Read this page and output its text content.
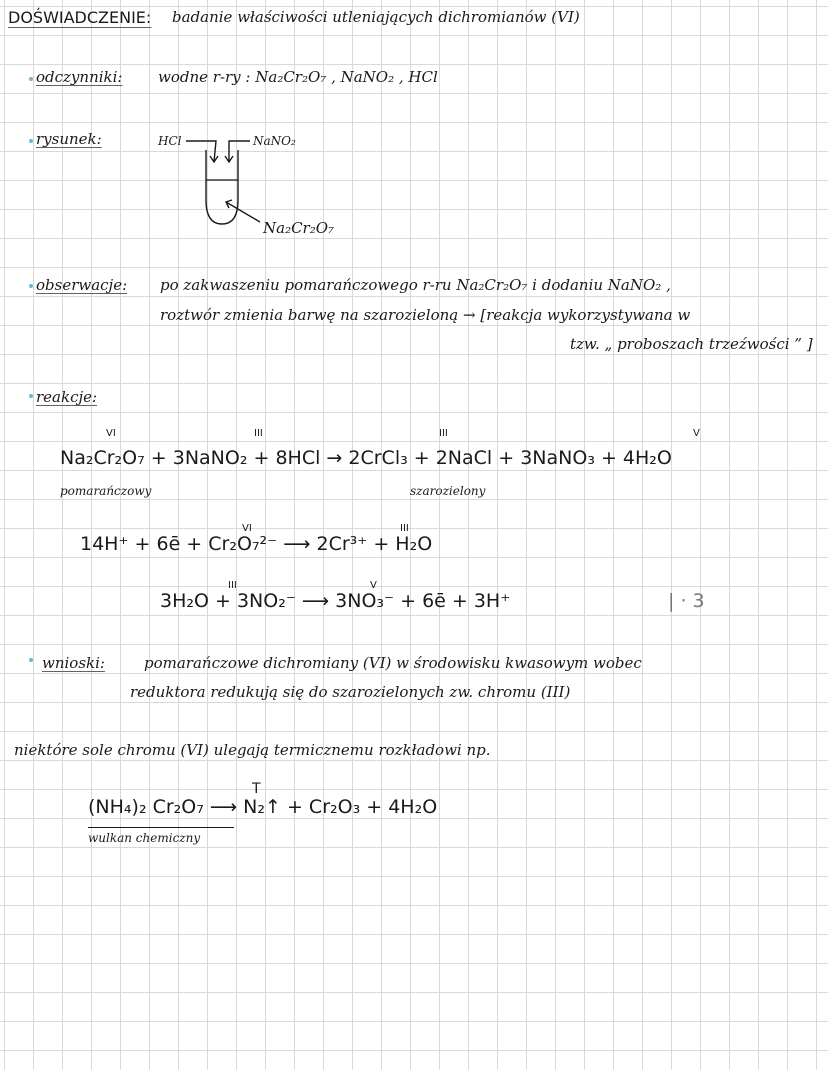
DOŚWIADCZENIE: badanie właściwości utleniających dichromianów (VI)
odczynniki: wodne r-ry : Na₂Cr₂O₇ , NaNO₂ , HCl
rysunek:	HCl	NaNO₂
Na₂Cr₂O₇
obserwacje: po zakwaszeniu pomarańczowego r-ru Na₂Cr₂O₇ i dodaniu NaNO₂ ,
roztwór zmienia barwę na szarozieloną → [reakcja wykorzystywana w
tzw. „ proboszach trzeźwości ” ]
reakcje:
VI	III	III	V
Na₂Cr₂O₇ + 3NaNO₂ + 8HCl → 2CrCl₃ + 2NaCl + 3NaNO₃ + 4H₂O
pomarańczowy	szarozielony
VI	III
14H⁺ + 6ē + Cr₂O₇²⁻ ⟶ 2Cr³⁺ + H₂O
III	V
3H₂O + 3NO₂⁻ ⟶ 3NO₃⁻ + 6ē + 3H⁺	| · 3
wnioski:	pomarańczowe dichromiany (VI) w środowisku kwasowym wobec
reduktora redukują się do szarozielonych zw. chromu (III)
niektóre sole chromu (VI) ulegają termicznemu rozkładowi np.
T
(NH₄)₂ Cr₂O₇ ⟶ N₂↑ + Cr₂O₃ + 4H₂O
wulkan chemiczny
